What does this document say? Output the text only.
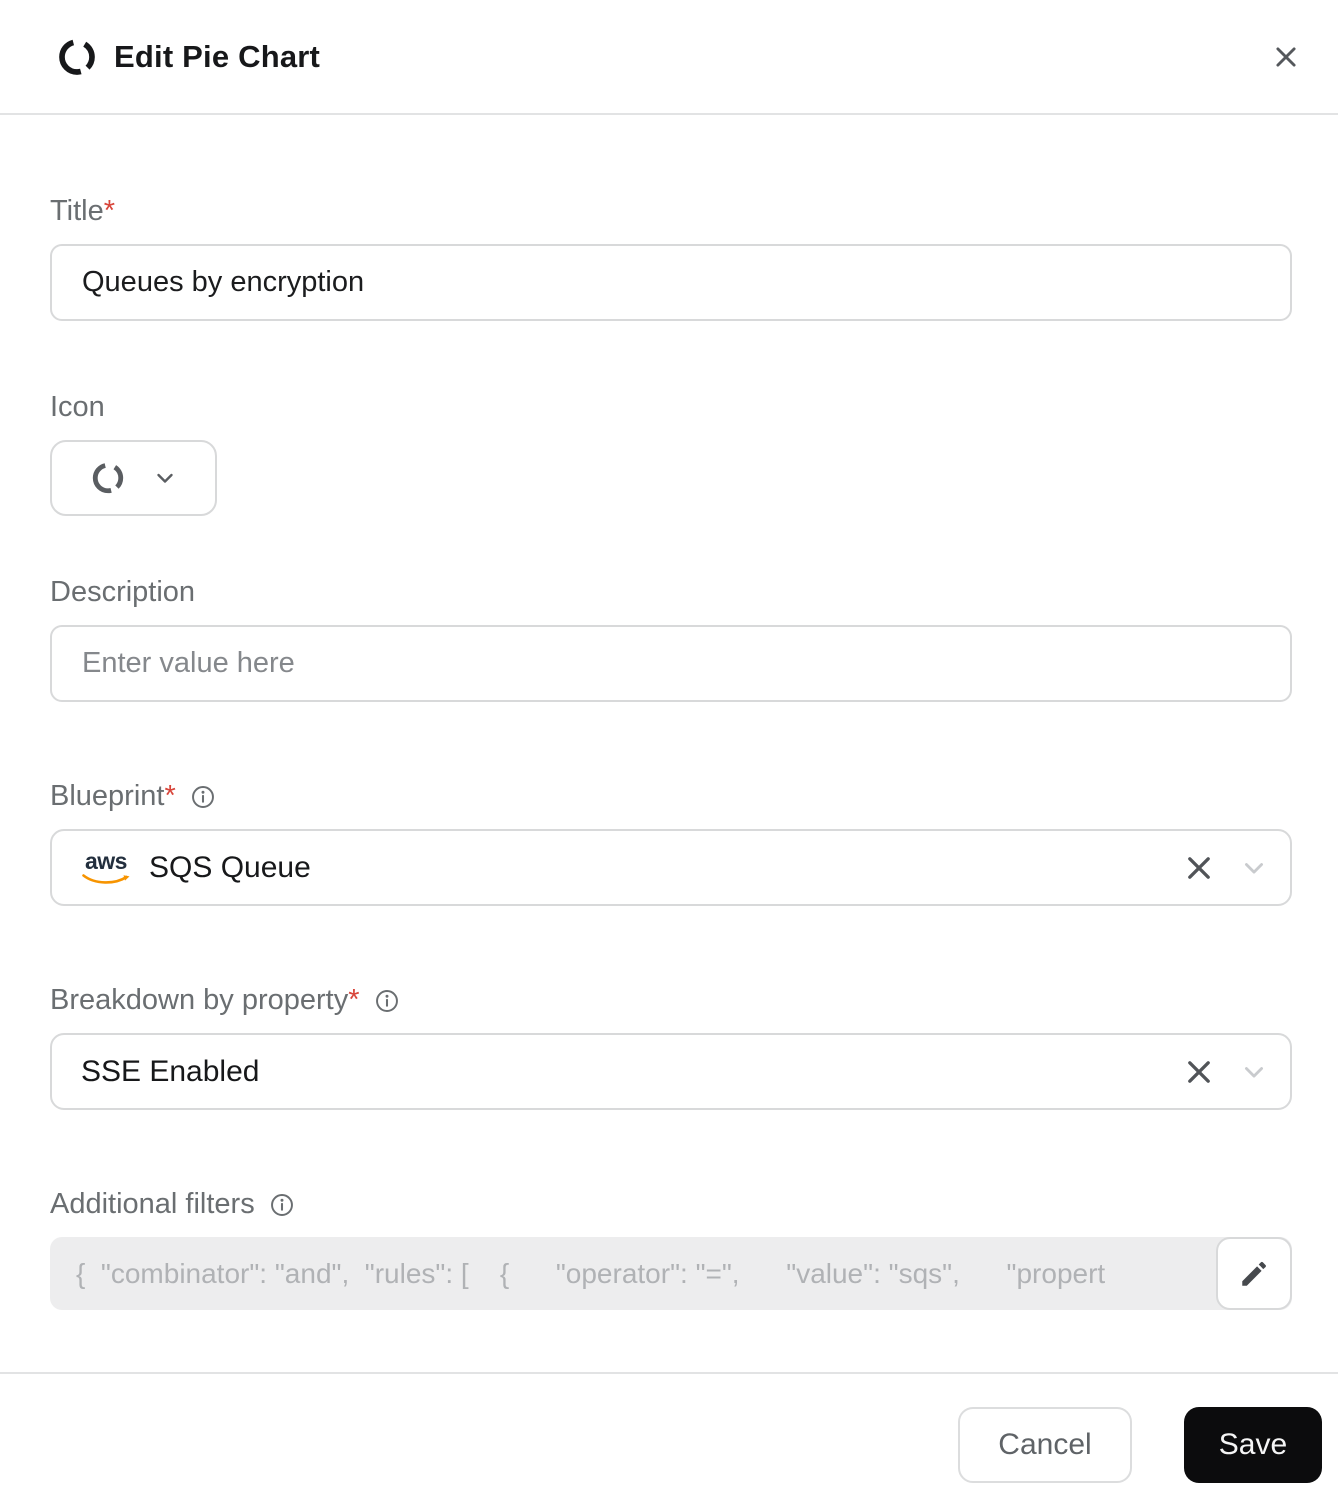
Edit Pie Chart
Title *
Queues by encryption
Icon
Description
Enter value here
Blueprint *
aws SQS Queue
Breakdown by property *
SSE Enabled
Additional filters
{ "combinator": "and", "rules": [ { "operator": "=", "value": "sqs", "propert
Cancel	Save
